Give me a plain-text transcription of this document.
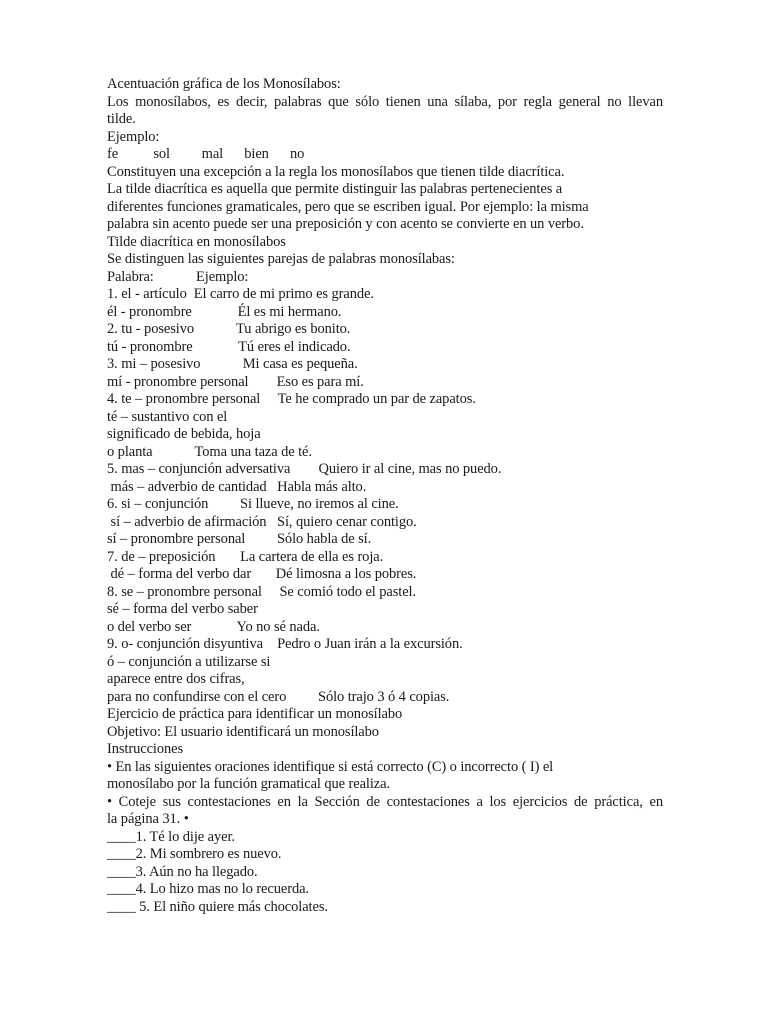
Acentuación gráfica de los Monosílabos:
Los monosílabos, es decir, palabras que sólo tienen una sílaba, por regla general no llevan
tilde.
Ejemplo:
fe          sol         mal      bien      no
Constituyen una excepción a la regla los monosílabos que tienen tilde diacrítica.
La tilde diacrítica es aquella que permite distinguir las palabras pertenecientes a
diferentes funciones gramaticales, pero que se escriben igual. Por ejemplo: la misma
palabra sin acento puede ser una preposición y con acento se convierte en un verbo.
Tilde diacrítica en monosílabos
Se distinguen las siguientes parejas de palabras monosílabas:
Palabra:            Ejemplo:
1. el - artículo  El carro de mi primo es grande.
él - pronombre             Él es mi hermano.
2. tu - posesivo            Tu abrigo es bonito.
tú - pronombre             Tú eres el indicado.
3. mi – posesivo            Mi casa es pequeña.
mí - pronombre personal        Eso es para mí.
4. te – pronombre personal     Te he comprado un par de zapatos.
té – sustantivo con el
significado de bebida, hoja
o planta            Toma una taza de té.
5. mas – conjunción adversativa        Quiero ir al cine, mas no puedo.
más – adverbio de cantidad   Habla más alto.
6. si – conjunción         Si llueve, no iremos al cine.
sí – adverbio de afirmación   Sí, quiero cenar contigo.
sí – pronombre personal         Sólo habla de sí.
7. de – preposición       La cartera de ella es roja.
dé – forma del verbo dar       Dé limosna a los pobres.
8. se – pronombre personal     Se comió todo el pastel.
sé – forma del verbo saber
o del verbo ser             Yo no sé nada.
9. o- conjunción disyuntiva    Pedro o Juan irán a la excursión.
ó – conjunción a utilizarse si
aparece entre dos cifras,
para no confundirse con el cero         Sólo trajo 3 ó 4 copias.
Ejercicio de práctica para identificar un monosílabo
Objetivo: El usuario identificará un monosílabo
Instrucciones
• En las siguientes oraciones identifique si está correcto (C) o incorrecto ( I) el
monosílabo por la función gramatical que realiza.
• Coteje sus contestaciones en la Sección de contestaciones a los ejercicios de práctica, en
la página 31. •
____1. Té lo dije ayer.
____2. Mi sombrero es nuevo.
____3. Aún no ha llegado.
____4. Lo hizo mas no lo recuerda.
____ 5. El niño quiere más chocolates.
